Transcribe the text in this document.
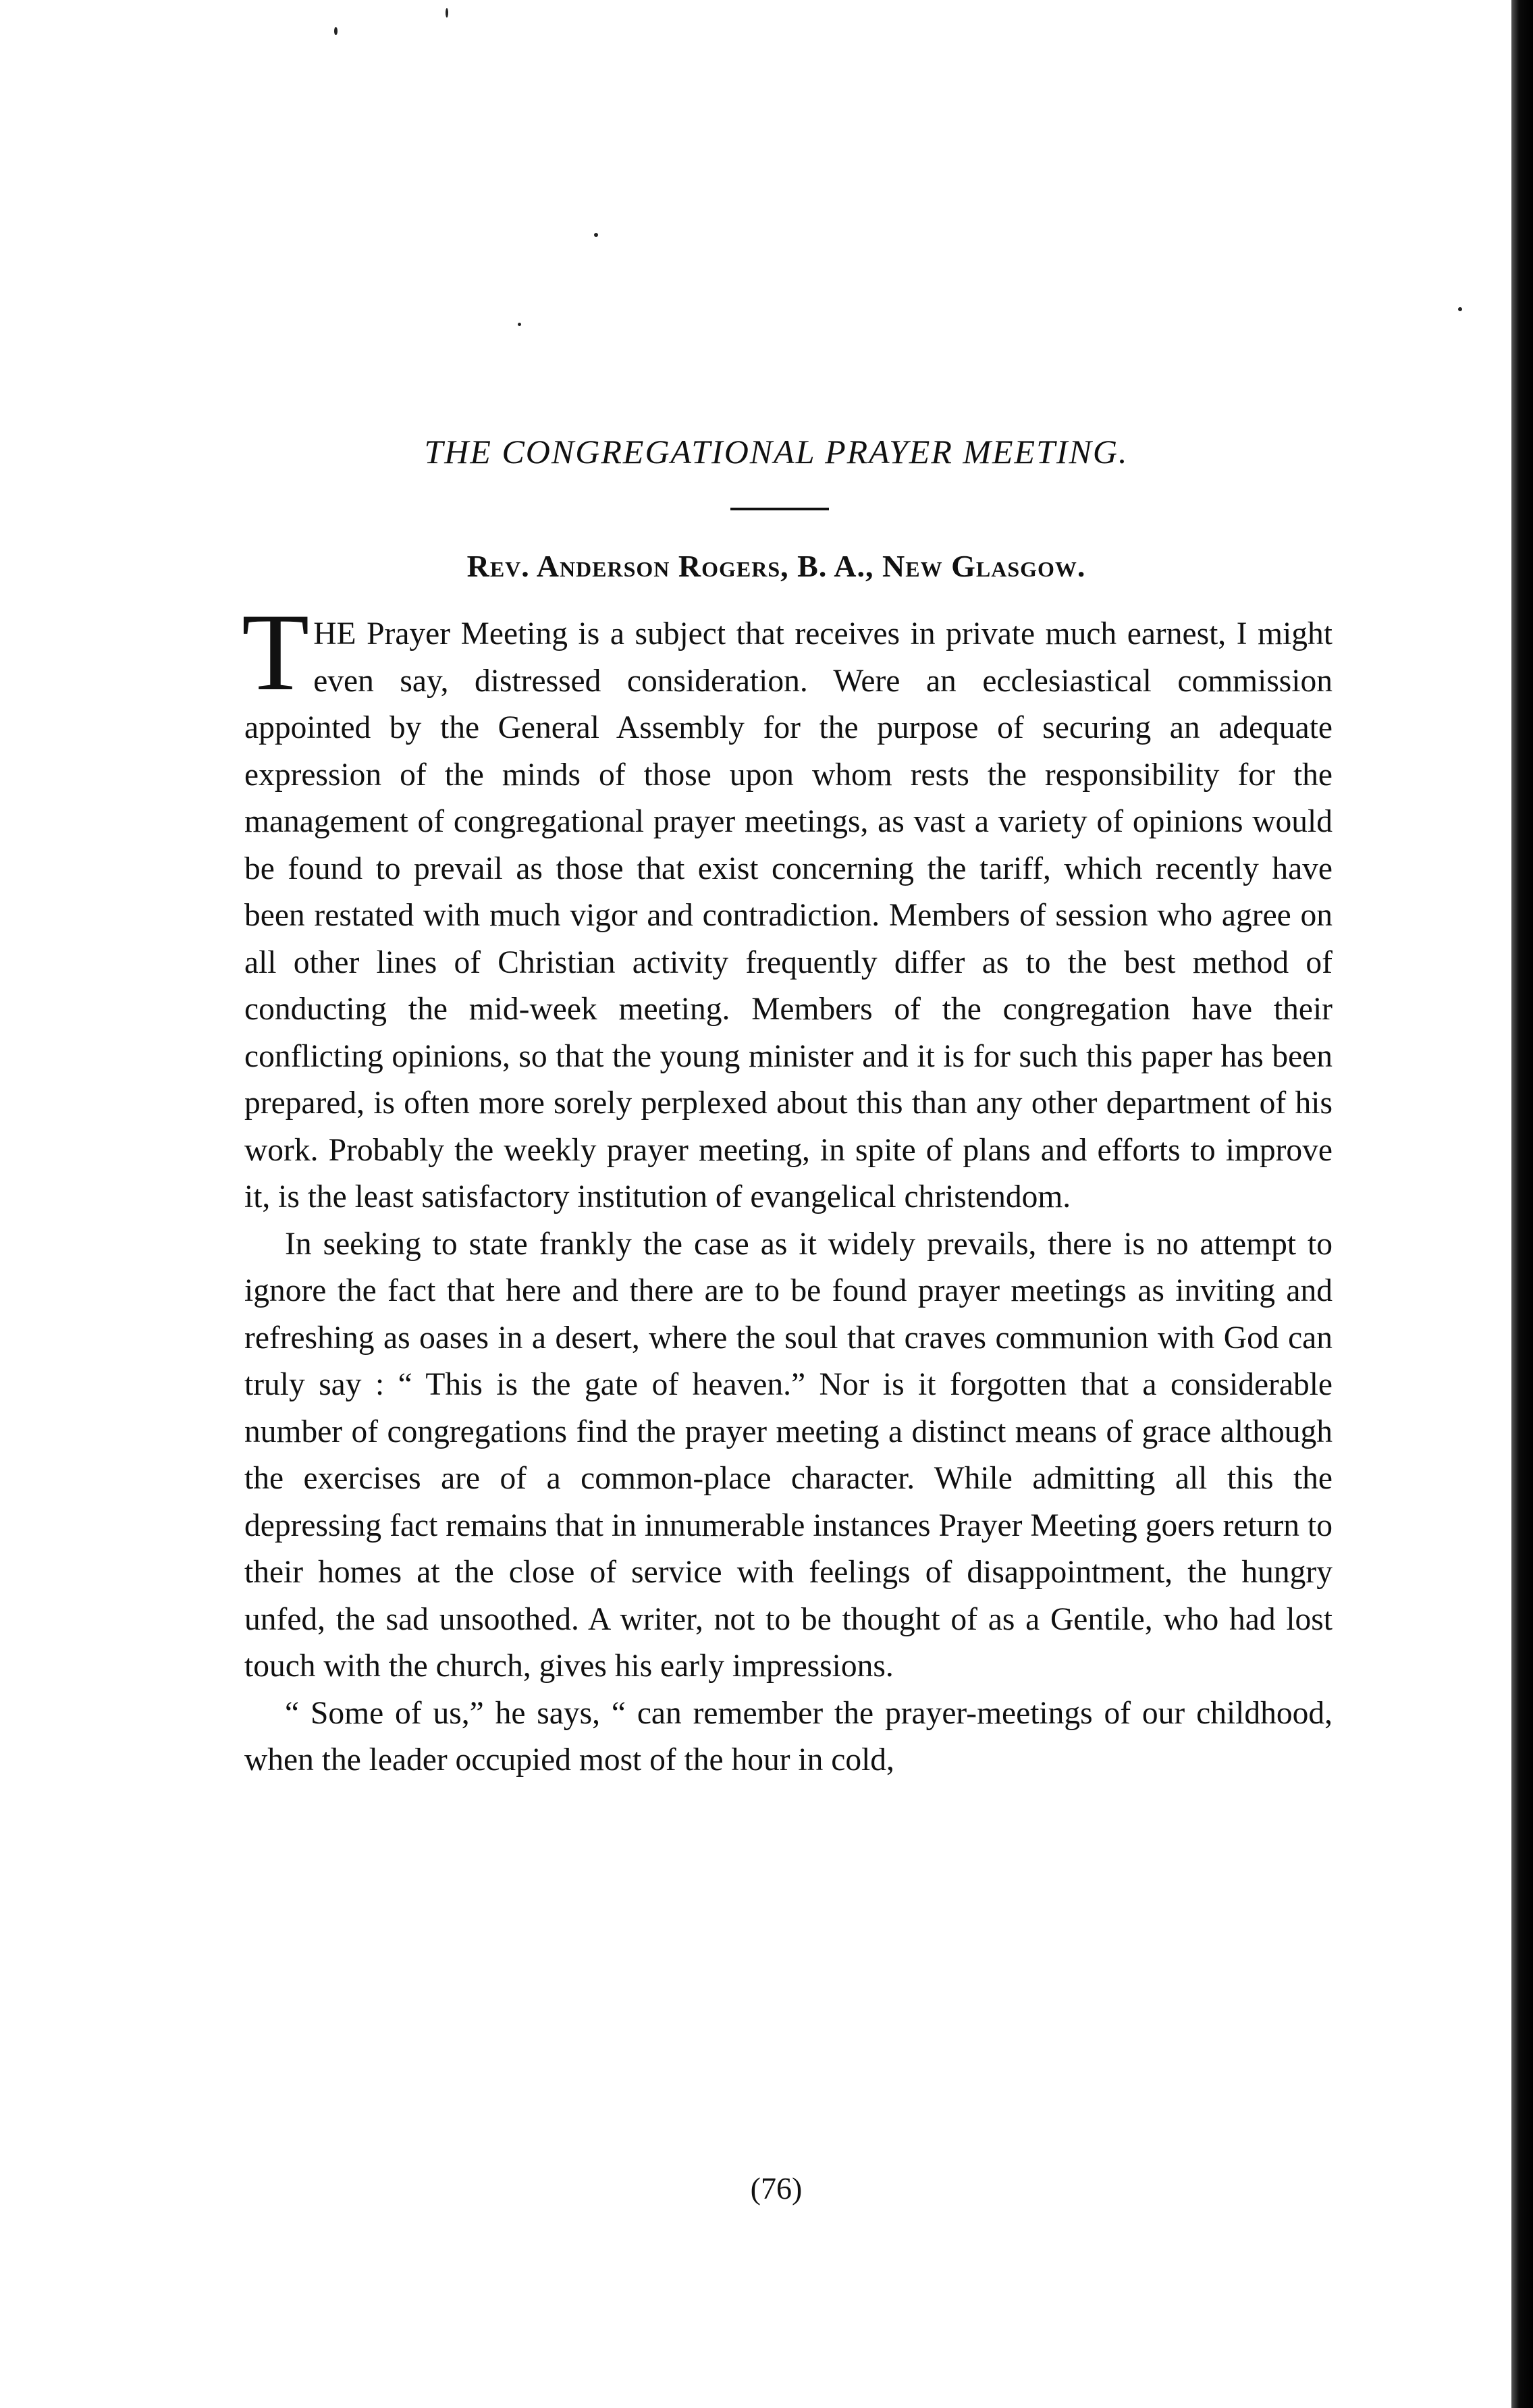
THE CONGREGATIONAL PRAYER MEETING.
Rev. Anderson Rogers, B. A., New Glasgow.

THE Prayer Meeting is a subject that receives in private much earnest, I might even say, distressed consideration. Were an ecclesiastical commission appointed by the General Assembly for the purpose of securing an adequate expression of the minds of those upon whom rests the responsibility for the management of congregational prayer meetings, as vast a variety of opinions would be found to prevail as those that exist concerning the tariff, which recently have been restated with much vigor and contradiction. Members of session who agree on all other lines of Christian activity frequently differ as to the best method of conducting the mid-week meeting. Members of the congregation have their conflicting opinions, so that the young minister and it is for such this paper has been prepared, is often more sorely perplexed about this than any other department of his work. Probably the weekly prayer meeting, in spite of plans and efforts to improve it, is the least satisfactory institution of evangelical christendom.

In seeking to state frankly the case as it widely prevails, there is no attempt to ignore the fact that here and there are to be found prayer meetings as inviting and refreshing as oases in a desert, where the soul that craves communion with God can truly say : “ This is the gate of heaven.” Nor is it forgotten that a considerable number of congregations find the prayer meeting a distinct means of grace although the exercises are of a common-place character. While admitting all this the depressing fact remains that in innumerable instances Prayer Meeting goers return to their homes at the close of service with feelings of disappointment, the hungry unfed, the sad unsoothed. A writer, not to be thought of as a Gentile, who had lost touch with the church, gives his early impressions.

“ Some of us,” he says, “ can remember the prayer-meetings of our childhood, when the leader occupied most of the hour in cold,

(76)
